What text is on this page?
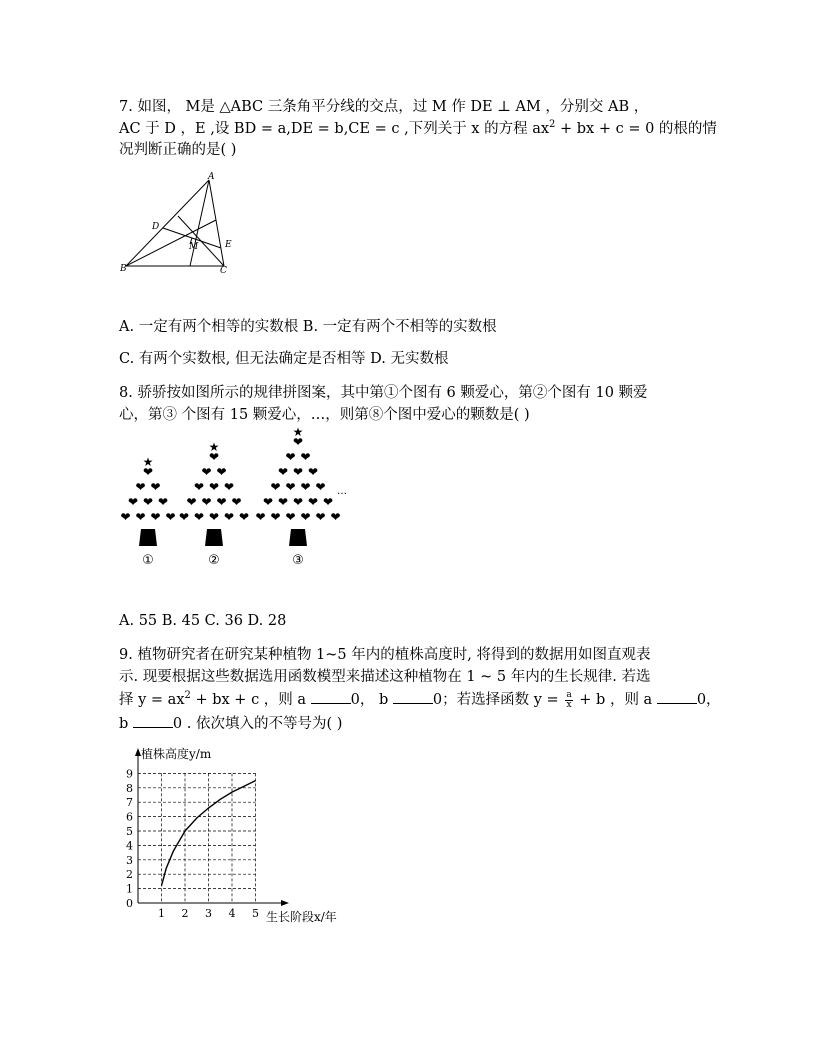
7. 如图， M是 △ABC 三条角平分线的交点，过 M 作 DE ⊥ AM ，分别交 AB ，
AC 于 D ，E ,设 BD = a,DE = b,CE = c ,下列关于 x 的方程 $ax^2$ + bx + c = 0 的根的情
况判断正确的是( )
A
B	C
D
E
M
A. 一定有两个相等的实数根 B. 一定有两个不相等的实数根
C. 有两个实数根, 但无法确定是否相等 D. 无实数根
8. 骄骄按如图所示的规律拼图案，其中第①个图有 6 颗爱心，第②个图有 10 颗爱
心，第③ 个图有 15 颗爱心，…，则第⑧个图中爱心的颗数是( )
★
❤
❤ ❤
❤ ❤ ❤
❤ ❤ ❤ ❤
★
❤
❤ ❤
❤ ❤ ❤
❤ ❤ ❤ ❤
❤ ❤ ❤ ❤ ❤
★
❤
❤ ❤
❤ ❤ ❤
❤ ❤ ❤ ❤
❤ ❤ ❤ ❤ ❤
❤ ❤ ❤ ❤ ❤ ❤
①	②	③
…
A. 55 B. 45 C. 36 D. 28
9. 植物研究者在研究某种植物 1~5 年内的植株高度时, 将得到的数据用如图直观表
示. 现要根据这些数据选用函数模型来描述这种植物在 1 ~ 5 年内的生长规律. 若选
择 $y = ax^2$ + bx + c ，则 a	0， b	0；若选择函数 $y = \frac{a}{x} + b$ ，则 a	0，
b	0 . 依次填入的不等号为( )
1 2 3 4 5
0
1
2
3
4
5
6
7
8
9
植株高度y/m
生长阶段x/年
